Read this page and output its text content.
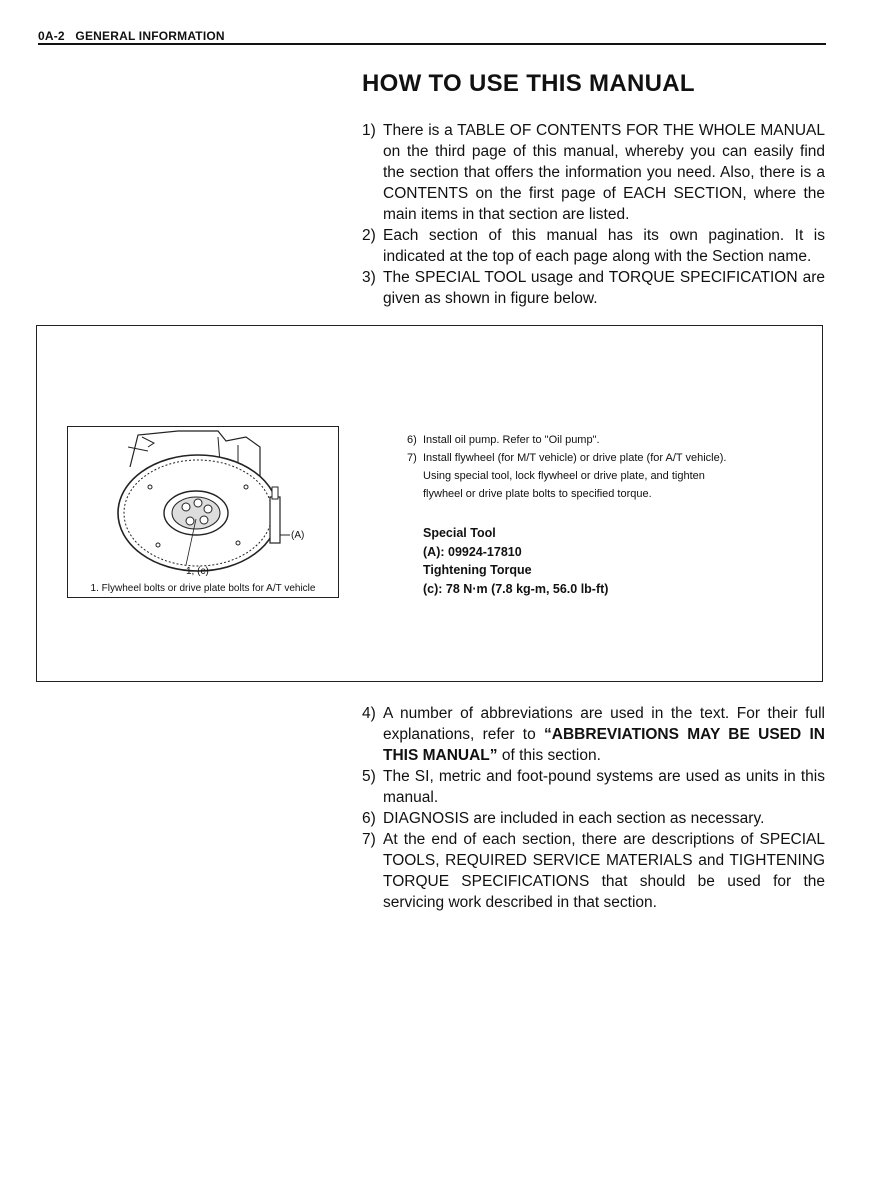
0A-2 GENERAL INFORMATION
HOW TO USE THIS MANUAL
1) There is a TABLE OF CONTENTS FOR THE WHOLE MANUAL on the third page of this manual, whereby you can easily find the section that offers the information you need. Also, there is a CONTENTS on the first page of EACH SECTION, where the main items in that section are listed.
2) Each section of this manual has its own pagination. It is indicated at the top of each page along with the Section name.
3) The SPECIAL TOOL usage and TORQUE SPECIFICATION are given as shown in figure below.
(A)
1, (c)
1. Flywheel bolts or drive plate bolts for A/T vehicle
6) Install oil pump. Refer to "Oil pump".
7) Install flywheel (for M/T vehicle) or drive plate (for A/T vehicle).
Using special tool, lock flywheel or drive plate, and tighten
flywheel or drive plate bolts to specified torque.
Special Tool
(A): 09924-17810
Tightening Torque
(c): 78 N·m (7.8 kg-m, 56.0 lb-ft)
4) A number of abbreviations are used in the text. For their full explanations, refer to “ABBREVIATIONS MAY BE USED IN THIS MANUAL” of this section.
5) The SI, metric and foot-pound systems are used as units in this manual.
6) DIAGNOSIS are included in each section as necessary.
7) At the end of each section, there are descriptions of SPECIAL TOOLS, REQUIRED SERVICE MATERIALS and TIGHTENING TORQUE SPECIFICATIONS that should be used for the servicing work described in that section.
